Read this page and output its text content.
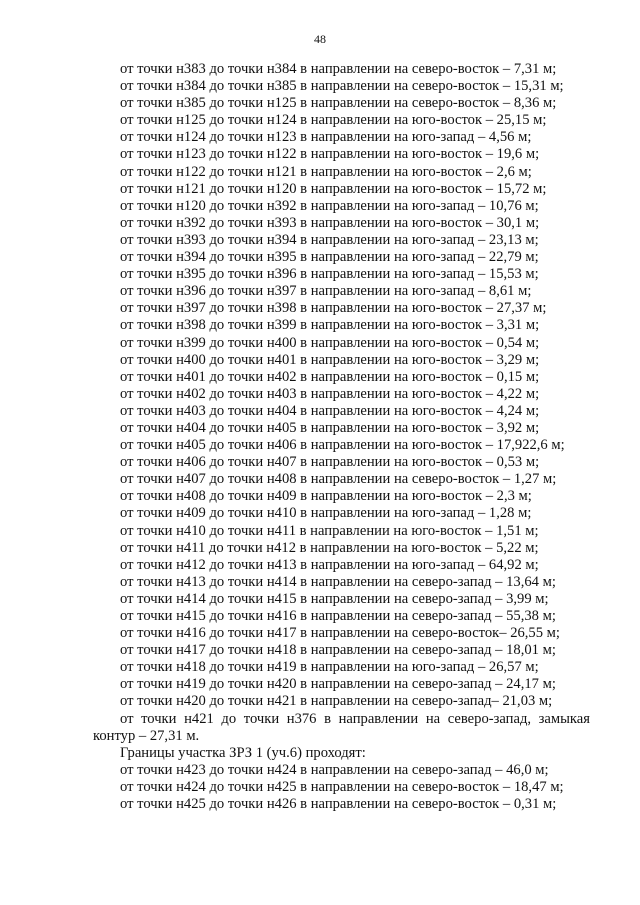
48
от точки н383 до точки н384 в направлении на северо-восток – 7,31 м;
от точки н384 до точки н385 в направлении на северо-восток – 15,31 м;
от точки н385 до точки н125 в направлении на северо-восток – 8,36 м;
от точки н125 до точки н124 в направлении на юго-восток – 25,15 м;
от точки н124 до точки н123 в направлении на юго-запад – 4,56 м;
от точки н123 до точки н122 в направлении на юго-восток – 19,6 м;
от точки н122 до точки н121 в направлении на юго-восток – 2,6 м;
от точки н121 до точки н120 в направлении на юго-восток – 15,72 м;
от точки н120 до точки н392 в направлении на юго-запад – 10,76 м;
от точки н392 до точки н393 в направлении на юго-восток – 30,1 м;
от точки н393 до точки н394 в направлении на юго-запад – 23,13 м;
от точки н394 до точки н395 в направлении на юго-запад – 22,79 м;
от точки н395 до точки н396 в направлении на юго-запад – 15,53 м;
от точки н396 до точки н397 в направлении на юго-запад – 8,61 м;
от точки н397 до точки н398 в направлении на юго-восток – 27,37 м;
от точки н398 до точки н399 в направлении на юго-восток – 3,31 м;
от точки н399 до точки н400 в направлении на юго-восток – 0,54 м;
от точки н400 до точки н401 в направлении на юго-восток – 3,29 м;
от точки н401 до точки н402 в направлении на юго-восток – 0,15 м;
от точки н402 до точки н403 в направлении на юго-восток – 4,22 м;
от точки н403 до точки н404 в направлении на юго-восток – 4,24 м;
от точки н404 до точки н405 в направлении на юго-восток – 3,92 м;
от точки н405 до точки н406 в направлении на юго-восток – 17,922,6 м;
от точки н406 до точки н407 в направлении на юго-восток – 0,53 м;
от точки н407 до точки н408 в направлении на северо-восток – 1,27 м;
от точки н408 до точки н409 в направлении на юго-восток – 2,3 м;
от точки н409 до точки н410 в направлении на юго-запад – 1,28 м;
от точки н410 до точки н411 в направлении на юго-восток – 1,51 м;
от точки н411 до точки н412 в направлении на юго-восток – 5,22 м;
от точки н412 до точки н413 в направлении на юго-запад – 64,92 м;
от точки н413 до точки н414 в направлении на северо-запад – 13,64 м;
от точки н414 до точки н415 в направлении на северо-запад – 3,99 м;
от точки н415 до точки н416 в направлении на северо-запад – 55,38 м;
от точки н416 до точки н417 в направлении на северо-восток– 26,55 м;
от точки н417 до точки н418 в направлении на северо-запад – 18,01 м;
от точки н418 до точки н419 в направлении на юго-запад – 26,57 м;
от точки н419 до точки н420 в направлении на северо-запад – 24,17 м;
от точки н420 до точки н421 в направлении на северо-запад– 21,03 м;
от точки н421 до точки н376 в направлении на северо-запад, замыкая
контур – 27,31 м.
Границы участка ЗРЗ 1 (уч.6) проходят:
от точки н423 до точки н424 в направлении на северо-запад – 46,0 м;
от точки н424 до точки н425 в направлении на северо-восток – 18,47 м;
от точки н425 до точки н426 в направлении на северо-восток – 0,31 м;
